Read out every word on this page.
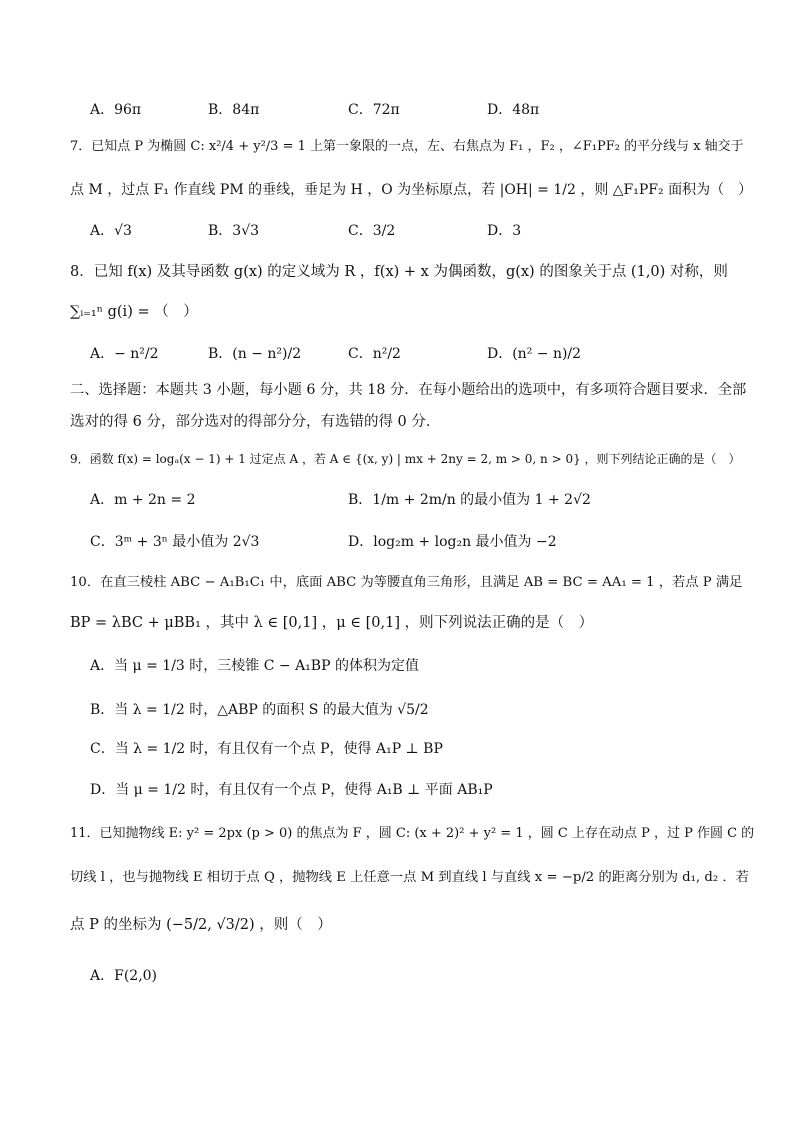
A．96π	B．84π	C．72π	D．48π
7．已知点 P 为椭圆 C: x²/4 + y²/3 = 1 上第一象限的一点，左、右焦点为 F₁ ，F₂ ，∠F₁PF₂ 的平分线与 x 轴交于
点 M ，过点 F₁ 作直线 PM 的垂线，垂足为 H ，O 为坐标原点，若 |OH| = 1/2 ，则 △F₁PF₂ 面积为（　）
A．√3	B．3√3	C．3/2	D．3
8．已知 f(x) 及其导函数 g(x) 的定义域为 R ，f(x) + x 为偶函数，g(x) 的图象关于点 (1,0) 对称，则
∑ᵢ₌₁ⁿ g(i) = （　）
A．− n²/2	B．(n − n²)/2	C．n²/2	D．(n² − n)/2
二、选择题：本题共 3 小题，每小题 6 分，共 18 分．在每小题给出的选项中，有多项符合题目要求．全部
选对的得 6 分，部分选对的得部分分，有选错的得 0 分．
9．函数 f(x) = logₐ(x − 1) + 1 过定点 A ，若 A ∈ {(x, y) | mx + 2ny = 2, m > 0, n > 0} ，则下列结论正确的是（　）
A．m + 2n = 2	B．1/m + 2m/n 的最小值为 1 + 2√2
C．3ᵐ + 3ⁿ 最小值为 2√3	D．log₂m + log₂n 最小值为 −2
10．在直三棱柱 ABC − A₁B₁C₁ 中，底面 ABC 为等腰直角三角形，且满足 AB = BC = AA₁ = 1 ，若点 P 满足
BP = λBC + μBB₁ ，其中 λ ∈ [0,1] ，μ ∈ [0,1] ，则下列说法正确的是（　）
A．当 μ = 1/3 时，三棱锥 C − A₁BP 的体积为定值
B．当 λ = 1/2 时，△ABP 的面积 S 的最大值为 √5/2
C．当 λ = 1/2 时，有且仅有一个点 P，使得 A₁P ⊥ BP
D．当 μ = 1/2 时，有且仅有一个点 P，使得 A₁B ⊥ 平面 AB₁P
11．已知抛物线 E: y² = 2px (p > 0) 的焦点为 F ，圆 C: (x + 2)² + y² = 1 ，圆 C 上存在动点 P ，过 P 作圆 C 的
切线 l ，也与抛物线 E 相切于点 Q ，抛物线 E 上任意一点 M 到直线 l 与直线 x = −p/2 的距离分别为 d₁, d₂ ．若
点 P 的坐标为 (−5/2, √3/2) ，则（　）
A．F(2,0)
